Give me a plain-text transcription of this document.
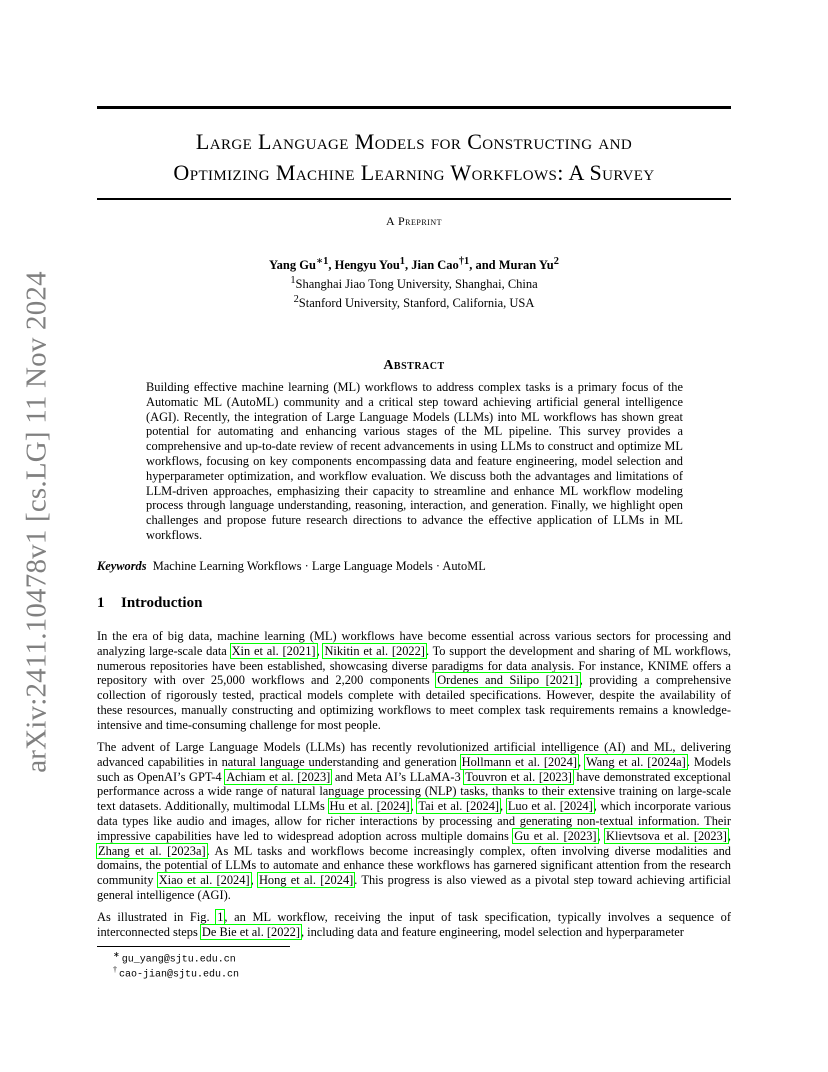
arXiv:2411.10478v1 [cs.LG] 11 Nov 2024
Large Language Models for Constructing and
Optimizing Machine Learning Workflows: A Survey
A Preprint
Yang $Gu^{∗1}$, Hengyu You$^1$, Jian Cao$^{\dagger 1}$, and Muran Yu$^2$
$^1$Shanghai Jiao Tong University, Shanghai, China
$^2$Stanford University, Stanford, California, USA
Abstract
Building effective machine learning (ML) workflows to address complex tasks is a primary focus of the Automatic ML (AutoML) community and a critical step toward achieving artificial general intelligence (AGI). Recently, the integration of Large Language Models (LLMs) into ML workflows has shown great potential for automating and enhancing various stages of the ML pipeline. This survey provides a comprehensive and up-to-date review of recent advancements in using LLMs to construct and optimize ML workflows, focusing on key components encompassing data and feature engineering, model selection and hyperparameter optimization, and workflow evaluation. We discuss both the advantages and limitations of LLM-driven approaches, emphasizing their capacity to streamline and enhance ML workflow modeling process through language understanding, reasoning, interaction, and generation. Finally, we highlight open challenges and propose future research directions to advance the effective application of LLMs in ML workflows.
Keywords Machine Learning Workflows · Large Language Models · AutoML
1 Introduction

In the era of big data, machine learning (ML) workflows have become essential across various sectors for processing and analyzing large-scale data Xin et al. [2021], Nikitin et al. [2022]. To support the development and sharing of ML workflows, numerous repositories have been established, showcasing diverse paradigms for data analysis. For instance, KNIME offers a repository with over 25,000 workflows and 2,200 components Ordenes and Silipo [2021], providing a comprehensive collection of rigorously tested, practical models complete with detailed specifications. However, despite the availability of these resources, manually constructing and optimizing workflows to meet complex task requirements remains a knowledge-intensive and time-consuming challenge for most people.

The advent of Large Language Models (LLMs) has recently revolutionized artificial intelligence (AI) and ML, delivering advanced capabilities in natural language understanding and generation Hollmann et al. [2024], Wang et al. [2024a]. Models such as OpenAI’s GPT-4 Achiam et al. [2023] and Meta AI’s LLaMA-3 Touvron et al. [2023] have demonstrated exceptional performance across a wide range of natural language processing (NLP) tasks, thanks to their extensive training on large-scale text datasets. Additionally, multimodal LLMs Hu et al. [2024], Tai et al. [2024], Luo et al. [2024], which incorporate various data types like audio and images, allow for richer interactions by processing and generating non-textual information. Their impressive capabilities have led to widespread adoption across multiple domains Gu et al. [2023], Klievtsova et al. [2023], Zhang et al. [2023a]. As ML tasks and workflows become increasingly complex, often involving diverse modalities and domains, the potential of LLMs to automate and enhance these workflows has garnered significant attention from the research community Xiao et al. [2024], Hong et al. [2024]. This progress is also viewed as a pivotal step toward achieving artificial general intelligence (AGI).

As illustrated in Fig. 1, an ML workflow, receiving the input of task specification, typically involves a sequence of interconnected steps De Bie et al. [2022], including data and feature engineering, model selection and hyperparameter

∗ gu_yang@sjtu.edu.cn
† cao-jian@sjtu.edu.cn
